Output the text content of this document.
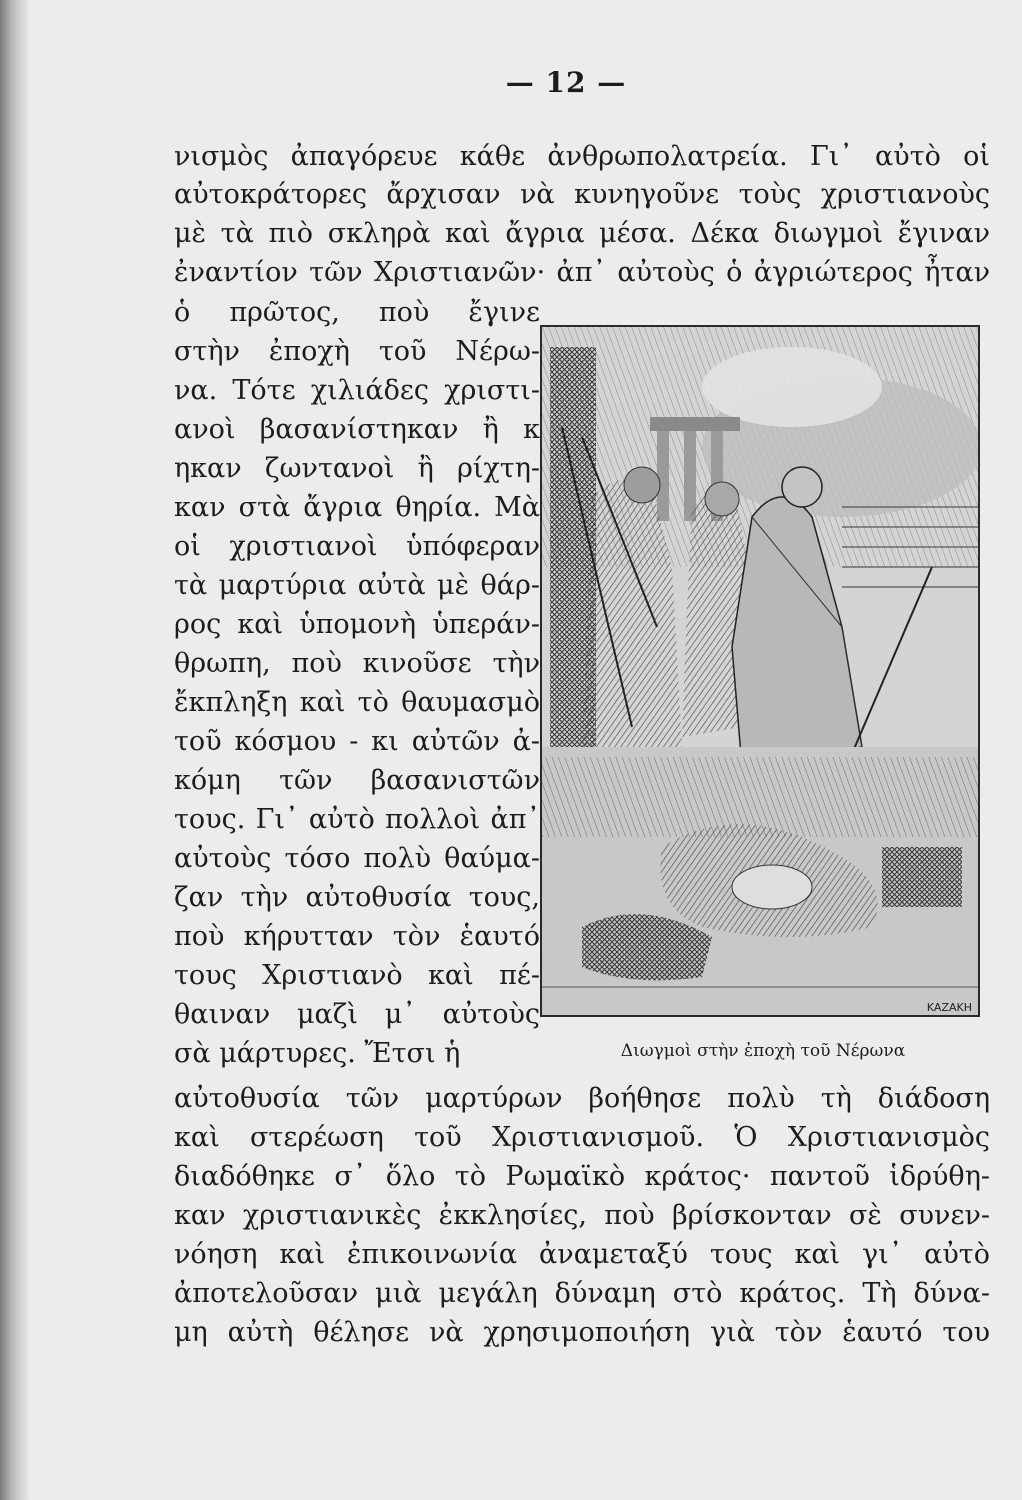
— 12 —
νισμὸς ἀπαγόρευε κάθε ἀνθρωπολατρεία. Γι᾽ αὐτὸ οἱ
αὐτοκράτορες ἄρχισαν νὰ κυνηγοῦνε τοὺς χριστιανοὺς
μὲ τὰ πιὸ σκληρὰ καὶ ἄγρια μέσα. Δέκα διωγμοὶ ἔγιναν
ἐναντίον τῶν Χριστιανῶν· ἀπ᾽ αὐτοὺς ὁ ἀγριώτερος ἦταν
ὁ πρῶτος, ποὺ ἔγινε
στὴν ἐποχὴ τοῦ Νέρω-
να. Τότε χιλιάδες χριστι-
ανοὶ βασανίστηκαν ἢ κ
ηκαν ζωντανοὶ ἢ ρίχτη-
καν στὰ ἄγρια θηρία. Μὰ
οἱ χριστιανοὶ ὑπόφεραν
τὰ μαρτύρια αὐτὰ μὲ θάρ-
ρος καὶ ὑπομονὴ ὑπεράν-
θρωπη, ποὺ κινοῦσε τὴν
ἔκπληξη καὶ τὸ θαυμασμὸ
τοῦ κόσμου - κι αὐτῶν ἀ-
κόμη τῶν βασανιστῶν
τους. Γι᾽ αὐτὸ πολλοὶ ἀπ᾽
αὐτοὺς τόσο πολὺ θαύμα-
ζαν τὴν αὐτοθυσία τους,
ποὺ κήρυτταν τὸν ἑαυτό
τους Χριστιανὸ καὶ πέ-
θαιναν μαζὶ μ᾽ αὐτοὺς
σὰ μάρτυρες. Ἔτσι ἡ
αὐτοθυσία τῶν μαρτύρων βοήθησε πολὺ τὴ διάδοση
καὶ στερέωση τοῦ Χριστιανισμοῦ. Ὁ Χριστιανισμὸς
διαδόθηκε σ᾽ ὅλο τὸ Ρωμαϊκὸ κράτος· παντοῦ ἱδρύθη-
καν χριστιανικὲς ἐκκλησίες, ποὺ βρίσκονταν σὲ συνεν-
νόηση καὶ ἐπικοινωνία ἀναμεταξύ τους καὶ γι᾽ αὐτὸ
ἀποτελοῦσαν μιὰ μεγάλη δύναμη στὸ κράτος. Τὴ δύνα-
μη αὐτὴ θέλησε νὰ χρησιμοποιήση γιὰ τὸν ἑαυτό του
ΚΑΖΑΚΗ
Διωγμοὶ στὴν ἐποχὴ τοῦ Νέρωνα
